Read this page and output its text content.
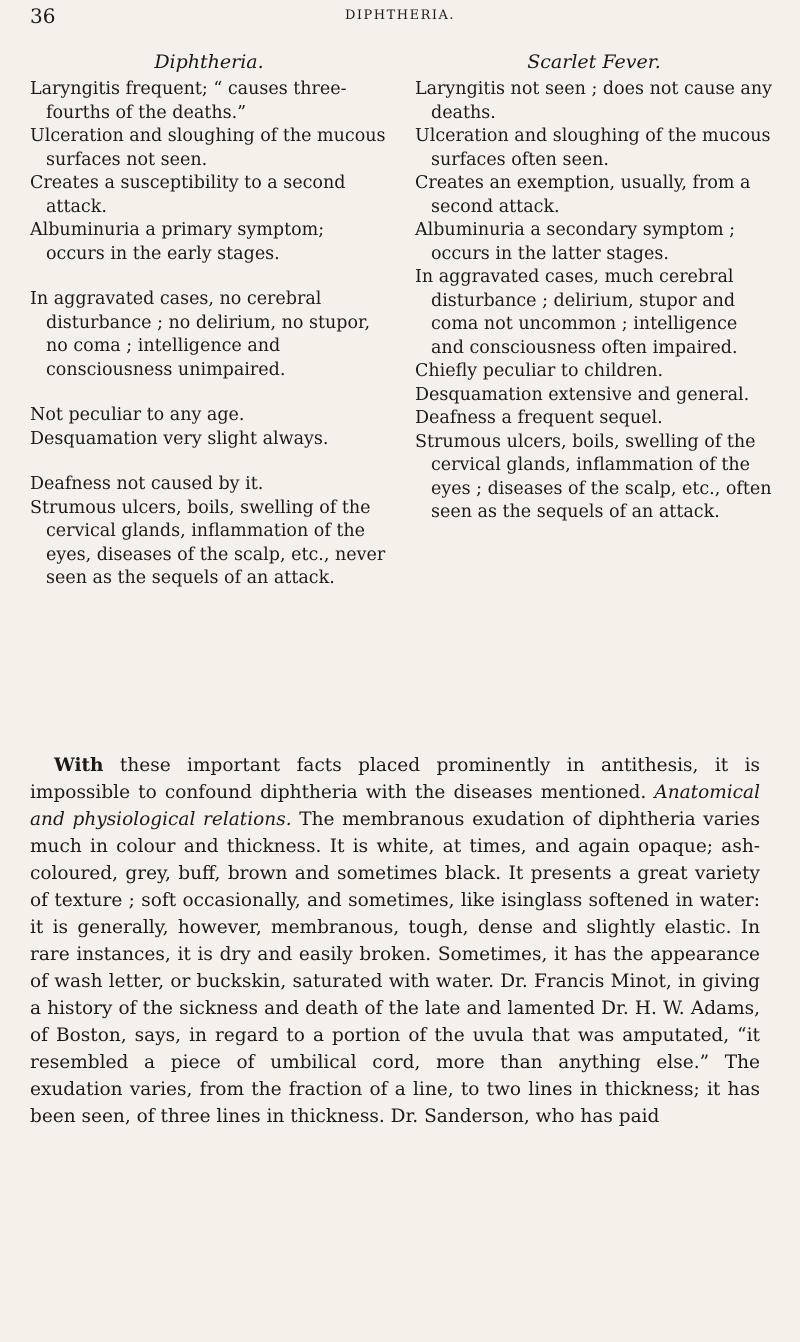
36	DIPHTHERIA.
Diphtheria.

Laryngitis frequent; “ causes three-fourths of the deaths.”

Ulceration and sloughing of the mucous surfaces not seen.

Creates a susceptibility to a second attack.

Albuminuria a primary symptom; occurs in the early stages.

In aggravated cases, no cerebral disturbance ; no delirium, no stupor, no coma ; intelligence and consciousness unimpaired.

Not peculiar to any age.

Desquamation very slight always.

Deafness not caused by it.

Strumous ulcers, boils, swelling of the cervical glands, inflammation of the eyes, diseases of the scalp, etc., never seen as the sequels of an attack.

Scarlet Fever.

Laryngitis not seen ; does not cause any deaths.

Ulceration and sloughing of the mucous surfaces often seen.

Creates an exemption, usually, from a second attack.

Albuminuria a secondary symptom ; occurs in the latter stages.

In aggravated cases, much cerebral disturbance ; delirium, stupor and coma not uncommon ; intelligence and consciousness often impaired.

Chiefly peculiar to children.

Desquamation extensive and general.

Deafness a frequent sequel.

Strumous ulcers, boils, swelling of the cervical glands, inflammation of the eyes ; diseases of the scalp, etc., often seen as the sequels of an attack.

With these important facts placed prominently in antithesis, it is impossible to confound diphtheria with the diseases mentioned. Anatomical and physiological relations. The membranous exudation of diphtheria varies much in colour and thickness. It is white, at times, and again opaque; ash-coloured, grey, buff, brown and sometimes black. It presents a great variety of texture ; soft occasionally, and sometimes, like isinglass softened in water: it is generally, however, membranous, tough, dense and slightly elastic. In rare instances, it is dry and easily broken. Sometimes, it has the appearance of wash letter, or buckskin, saturated with water. Dr. Francis Minot, in giving a history of the sickness and death of the late and lamented Dr. H. W. Adams, of Boston, says, in regard to a portion of the uvula that was amputated, “it resembled a piece of umbilical cord, more than anything else.” The exudation varies, from the fraction of a line, to two lines in thickness; it has been seen, of three lines in thickness. Dr. Sanderson, who has paid
